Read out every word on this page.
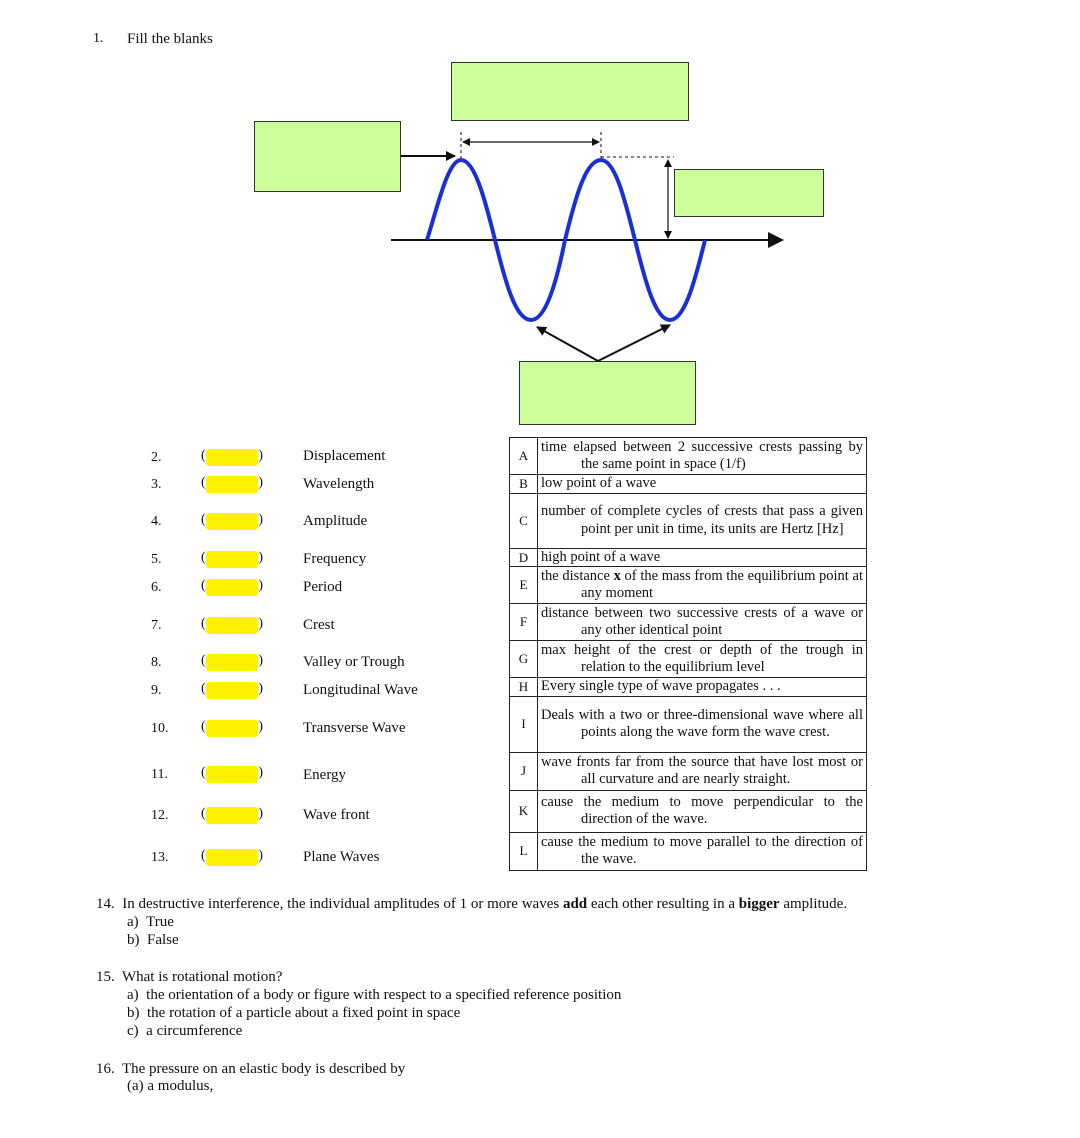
1. Fill the blanks
2.	(	)	Displacement
3.	(	)	Wavelength
4.	(	)	Amplitude
5.	(	)	Frequency
6.	(	)	Period
7.	(	)	Crest
8.	(	)	Valley or Trough
9.	(	)	Longitudinal Wave
10. (	)	Transverse Wave
11. (	)	Energy
12. (	)	Wave front
13. (	)	Plane Waves
A	time elapsed between 2 successive crests passing by the same point in space (1/f)

B	low point of a wave

C	number of complete cycles of crests that pass a given point per unit in time, its units are Hertz [Hz]

D	high point of a wave

E	the distance x of the mass from the equilibrium point at any moment

F	distance between two successive crests of a wave or any other identical point

G	max height of the crest or depth of the trough in relation to the equilibrium level

H	Every single type of wave propagates . . .

I	Deals with a two or three-dimensional wave where all points along the wave form the wave crest.

J	wave fronts far from the source that have lost most or all curvature and are nearly straight.

K	cause the medium to move perpendicular to the direction of the wave.

L	cause the medium to move parallel to the direction of the wave.
14. In destructive interference, the individual amplitudes of 1 or more waves add each other resulting in a bigger amplitude.
a) True
b) False
15. What is rotational motion?
a) the orientation of a body or figure with respect to a specified reference position
b) the rotation of a particle about a fixed point in space
c) a circumference
16. The pressure on an elastic body is described by
(a) a modulus,
